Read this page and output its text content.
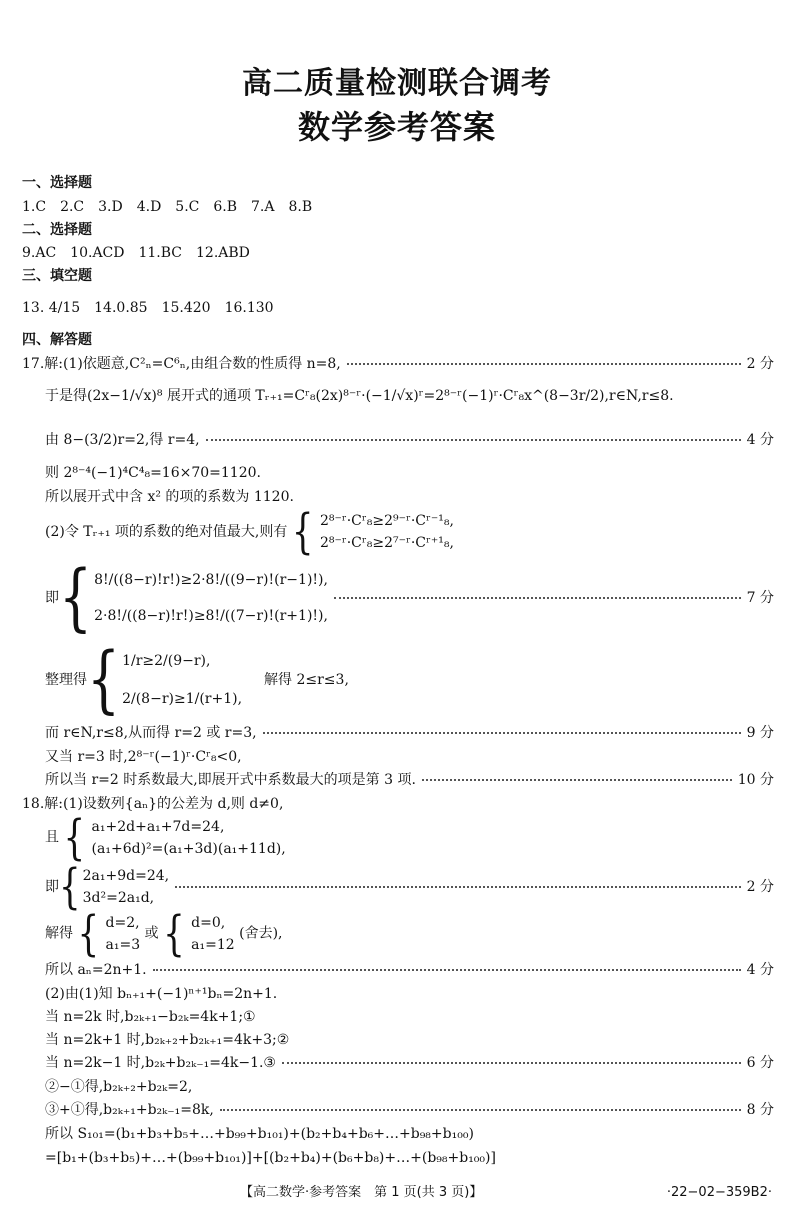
高二质量检测联合调考
数学参考答案
一、选择题
1.C　2.C　3.D　4.D　5.C　6.B　7.A　8.B
二、选择题
9.AC　10.ACD　11.BC　12.ABD
三、填空题
13. 4/15　14.0.85　15.420　16.130
四、解答题
17.解:(1)依题意,C²ₙ=C⁶ₙ,由组合数的性质得 n=8,	2 分
于是得(2x−1/√x)⁸ 展开式的通项 Tᵣ₊₁=Cʳ₈(2x)⁸⁻ʳ·(−1/√x)ʳ=2⁸⁻ʳ(−1)ʳ·Cʳ₈x^(8−3r/2),r∈N,r≤8.
由 8−(3/2)r=2,得 r=4,	4 分
则 2⁸⁻⁴(−1)⁴C⁴₈=16×70=1120.
所以展开式中含 x² 的项的系数为 1120.
(2)令 Tᵣ₊₁ 项的系数的绝对值最大,则有 { 2⁸⁻ʳ·Cʳ₈≥2⁹⁻ʳ·Cʳ⁻¹₈,
2⁸⁻ʳ·Cʳ₈≥2⁷⁻ʳ·Cʳ⁺¹₈,
即 { 8!/((8−r)!r!)≥2·8!/((9−r)!(r−1)!),
2·8!/((8−r)!r!)≥8!/((7−r)!(r+1)!),
7 分
整理得 { 1/r≥2/(9−r),
2/(8−r)≥1/(r+1),
解得 2≤r≤3,
而 r∈N,r≤8,从而得 r=2 或 r=3,	9 分
又当 r=3 时,2⁸⁻ʳ(−1)ʳ·Cʳ₈<0,
所以当 r=2 时系数最大,即展开式中系数最大的项是第 3 项.	10 分
18.解:(1)设数列{aₙ}的公差为 d,则 d≠0,
且 { a₁+2d+a₁+7d=24,
(a₁+6d)²=(a₁+3d)(a₁+11d),
即 { 2a₁+9d=24,
3d²=2a₁d,
2 分
解得 { d=2,
a₁=3 或 { d=0,
a₁=12 (舍去),
所以 aₙ=2n+1.	4 分
(2)由(1)知 bₙ₊₁+(−1)ⁿ⁺¹bₙ=2n+1.
当 n=2k 时,b₂ₖ₊₁−b₂ₖ=4k+1;①
当 n=2k+1 时,b₂ₖ₊₂+b₂ₖ₊₁=4k+3;②
当 n=2k−1 时,b₂ₖ+b₂ₖ₋₁=4k−1.③	6 分
②−①得,b₂ₖ₊₂+b₂ₖ=2,
③+①得,b₂ₖ₊₁+b₂ₖ₋₁=8k,	8 分
所以 S₁₀₁=(b₁+b₃+b₅+…+b₉₉+b₁₀₁)+(b₂+b₄+b₆+…+b₉₈+b₁₀₀)
=[b₁+(b₃+b₅)+…+(b₉₉+b₁₀₁)]+[(b₂+b₄)+(b₆+b₈)+…+(b₉₈+b₁₀₀)]
【高二数学·参考答案　第 1 页(共 3 页)】	·22−02−359B2·
